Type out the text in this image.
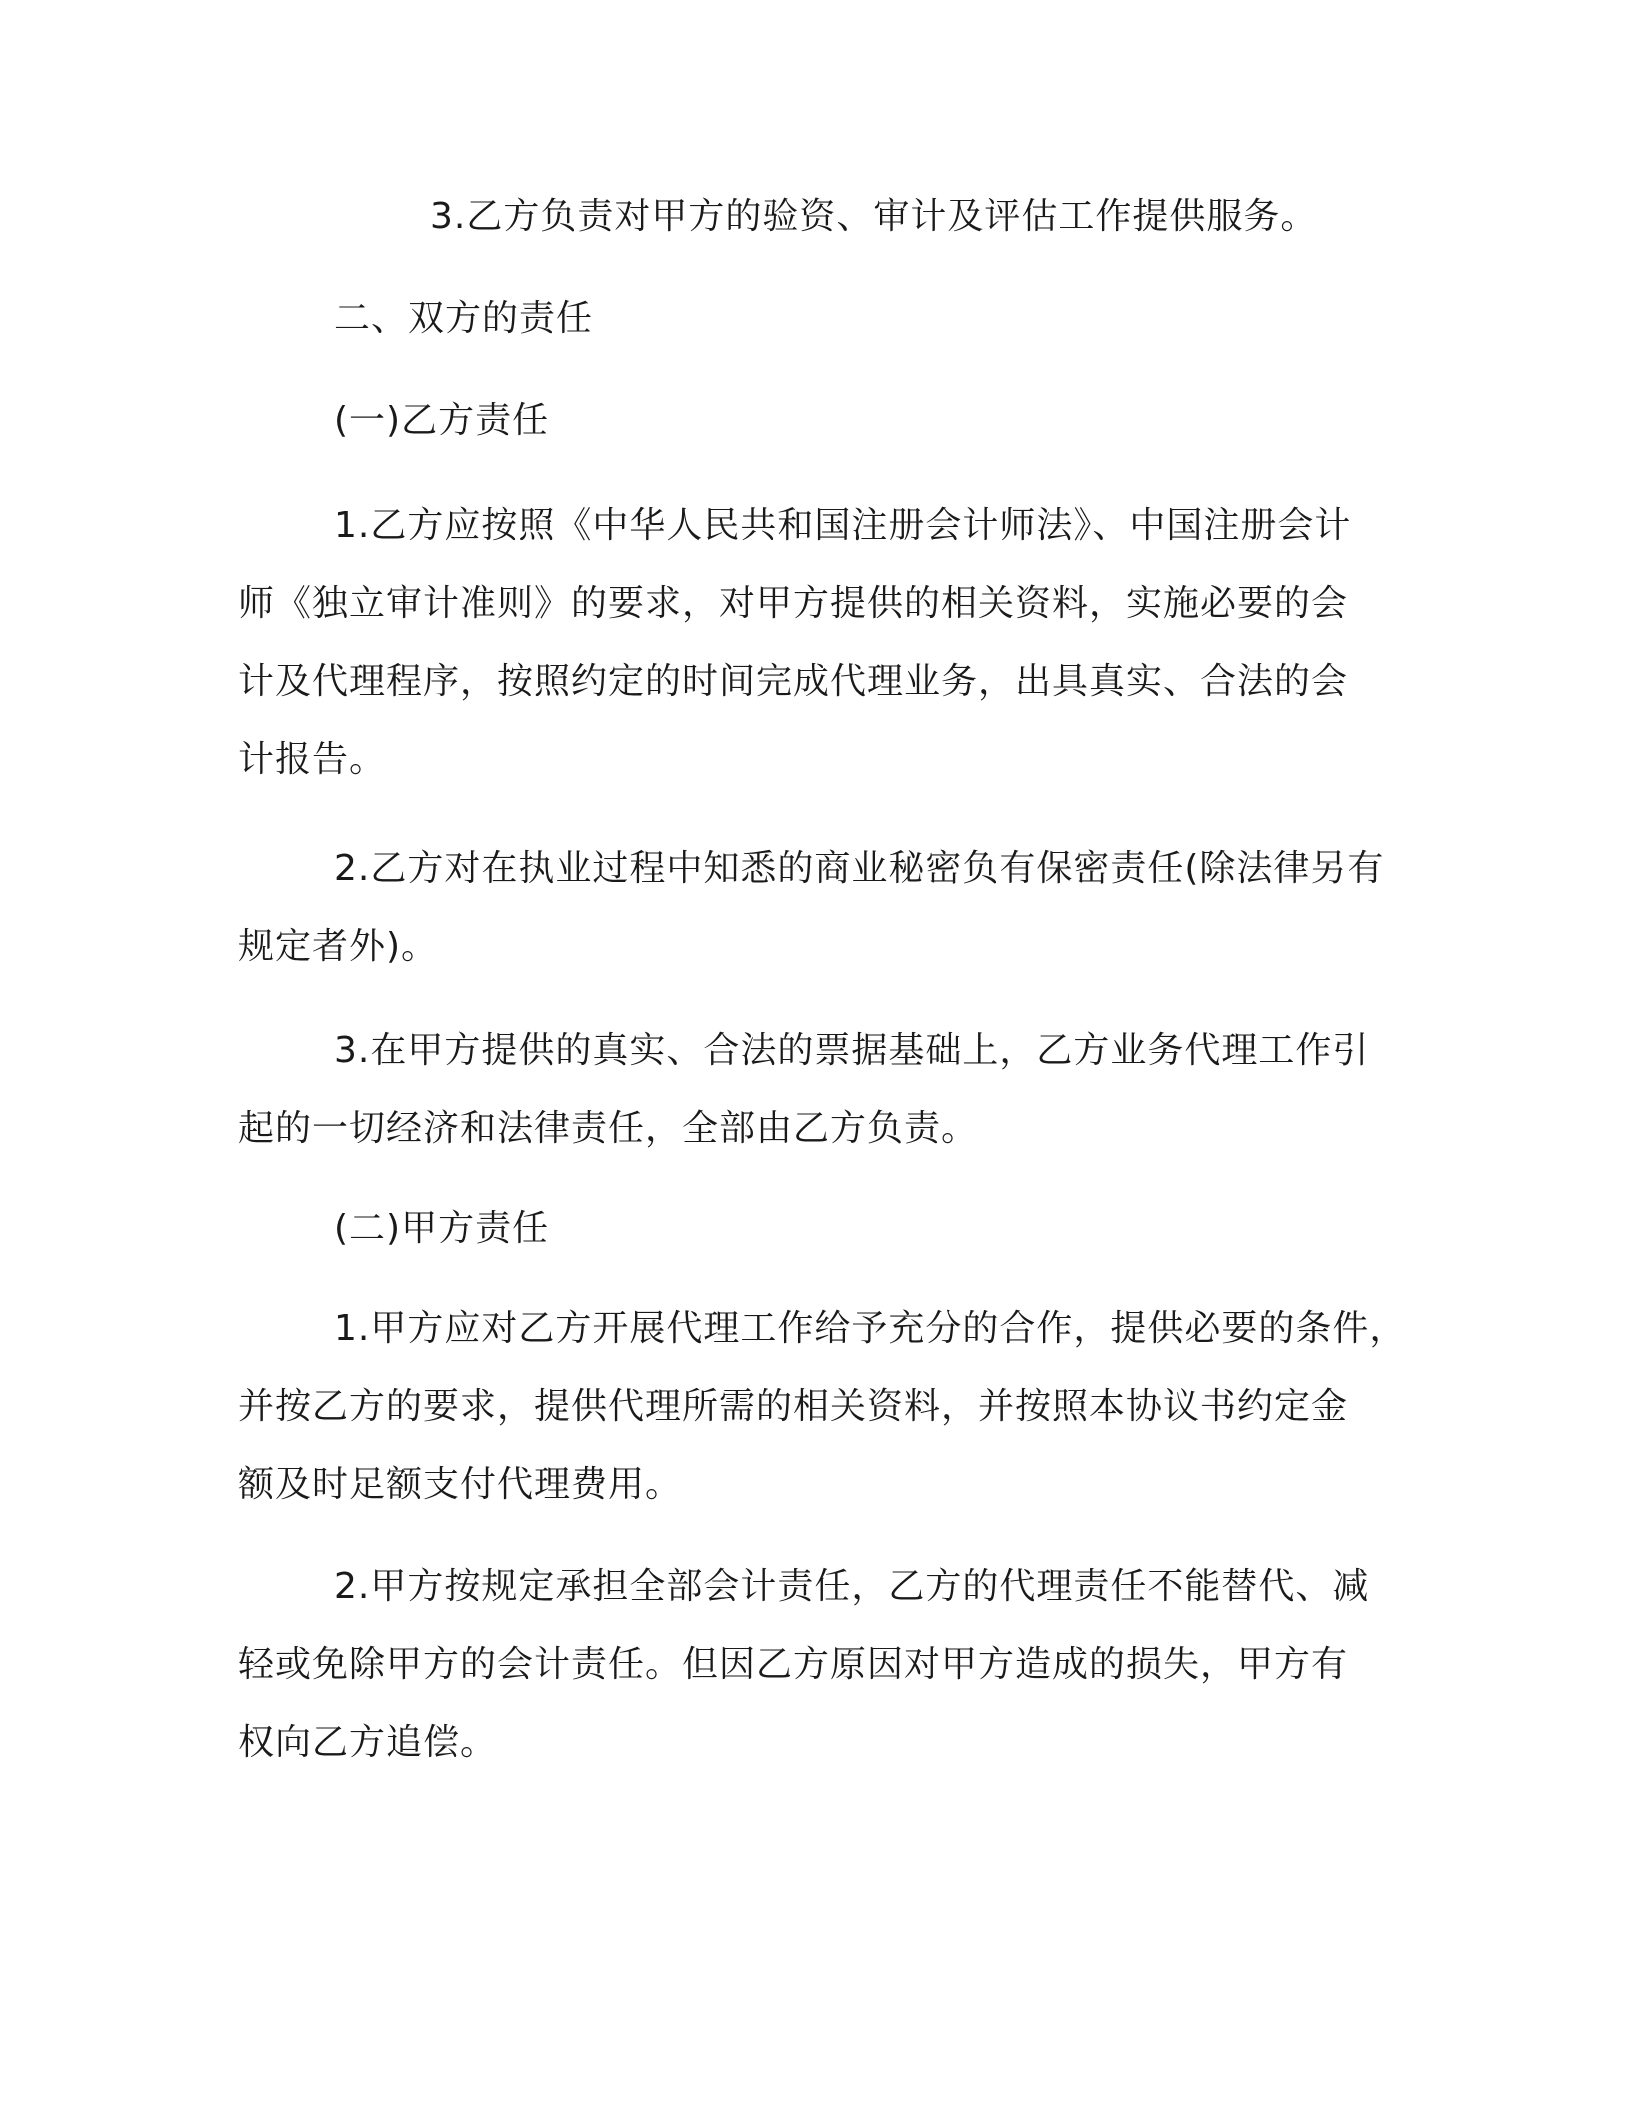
3.乙方负责对甲方的验资、审计及评估工作提供服务。
二、双方的责任
(一)乙方责任
1.乙方应按照《中华人民共和国注册会计师法》、中国注册会计
师《独立审计准则》的要求，对甲方提供的相关资料，实施必要的会
计及代理程序，按照约定的时间完成代理业务，出具真实、合法的会
计报告。
2.乙方对在执业过程中知悉的商业秘密负有保密责任(除法律另有
规定者外)。
3.在甲方提供的真实、合法的票据基础上，乙方业务代理工作引
起的一切经济和法律责任，全部由乙方负责。
(二)甲方责任
1.甲方应对乙方开展代理工作给予充分的合作，提供必要的条件，
并按乙方的要求，提供代理所需的相关资料，并按照本协议书约定金
额及时足额支付代理费用。
2.甲方按规定承担全部会计责任，乙方的代理责任不能替代、减
轻或免除甲方的会计责任。但因乙方原因对甲方造成的损失，甲方有
权向乙方追偿。
